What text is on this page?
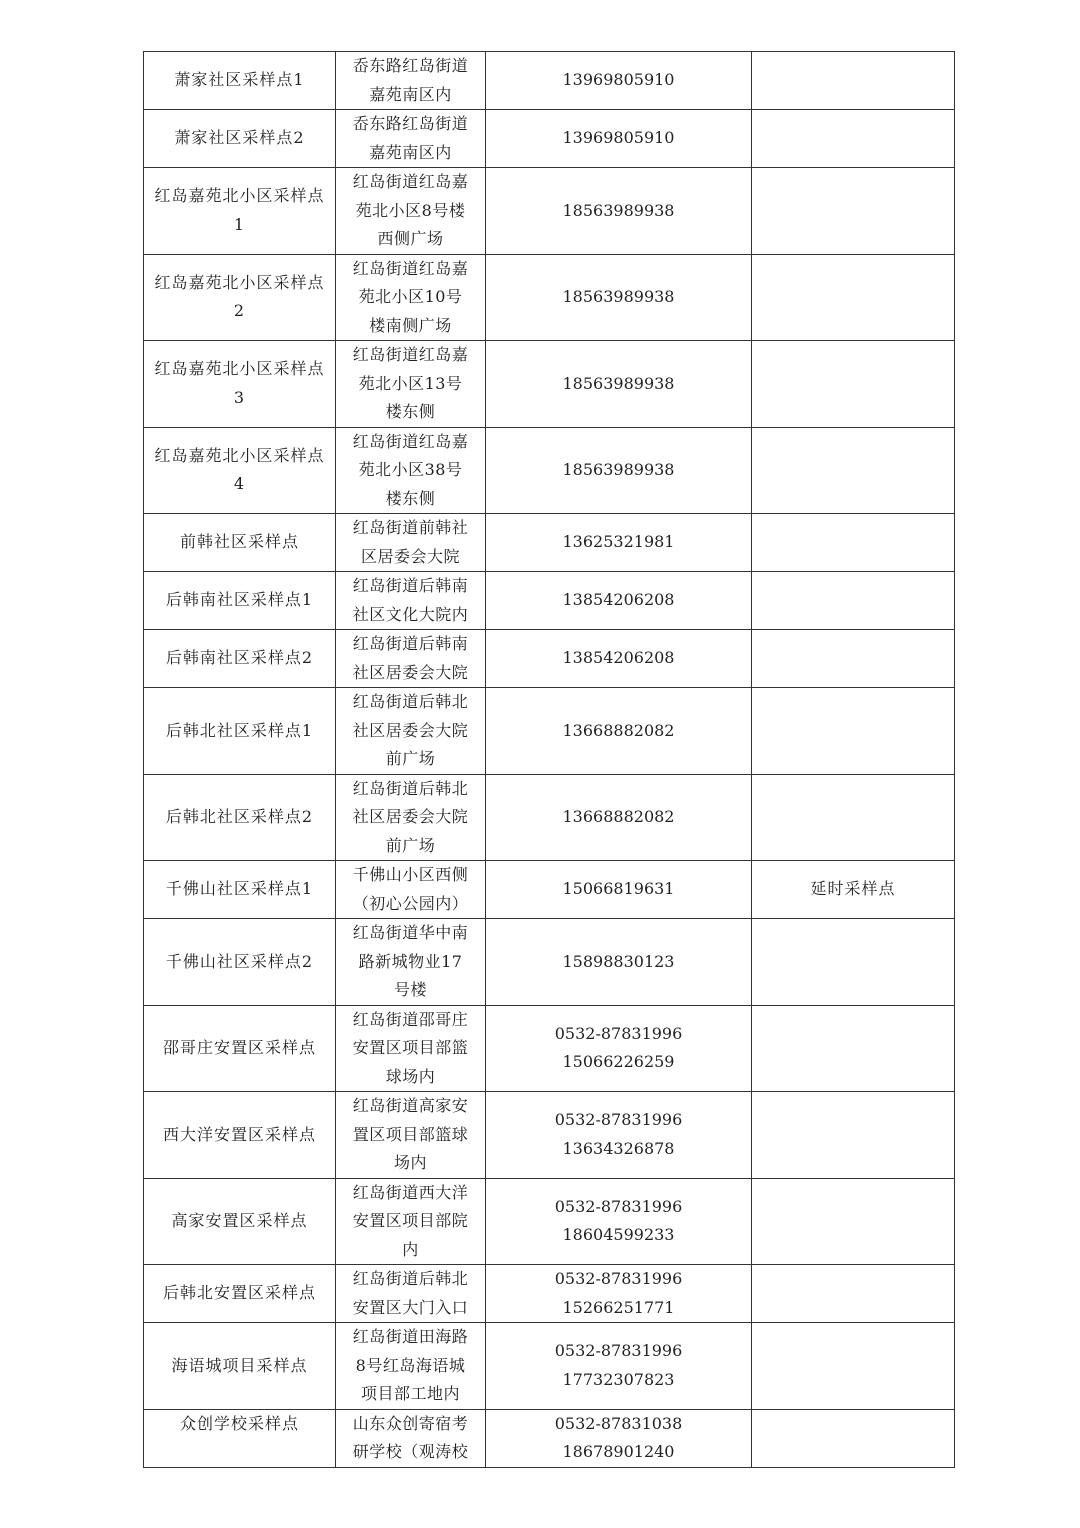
萧家社区采样点1	岙东路红岛街道
嘉苑南区内	13969805910	

萧家社区采样点2	岙东路红岛街道
嘉苑南区内	13969805910	

红岛嘉苑北小区采样点1	红岛街道红岛嘉
苑北小区8号楼
西侧广场	18563989938	

红岛嘉苑北小区采样点2	红岛街道红岛嘉
苑北小区10号
楼南侧广场	18563989938	

红岛嘉苑北小区采样点3	红岛街道红岛嘉
苑北小区13号
楼东侧	18563989938	

红岛嘉苑北小区采样点4	红岛街道红岛嘉
苑北小区38号
楼东侧	18563989938	

前韩社区采样点	红岛街道前韩社
区居委会大院	13625321981	

后韩南社区采样点1	红岛街道后韩南
社区文化大院内	13854206208	

后韩南社区采样点2	红岛街道后韩南
社区居委会大院	13854206208	

后韩北社区采样点1	红岛街道后韩北
社区居委会大院
前广场	13668882082	

后韩北社区采样点2	红岛街道后韩北
社区居委会大院
前广场	13668882082	

千佛山社区采样点1	千佛山小区西侧
（初心公园内）	15066819631	延时采样点
千佛山社区采样点2	红岛街道华中南
路新城物业17
号楼	15898830123	

邵哥庄安置区采样点	红岛街道邵哥庄
安置区项目部篮
球场内	0532-87831996
15066226259	

西大洋安置区采样点	红岛街道高家安
置区项目部篮球
场内	0532-87831996
13634326878	

高家安置区采样点	红岛街道西大洋
安置区项目部院
内	0532-87831996
18604599233	

后韩北安置区采样点	红岛街道后韩北
安置区大门入口	0532-87831996
15266251771	

海语城项目采样点	红岛街道田海路
8号红岛海语城
项目部工地内	0532-87831996
17732307823	

众创学校采样点	山东众创寄宿考
研学校（观涛校	0532-87831038
18678901240	
